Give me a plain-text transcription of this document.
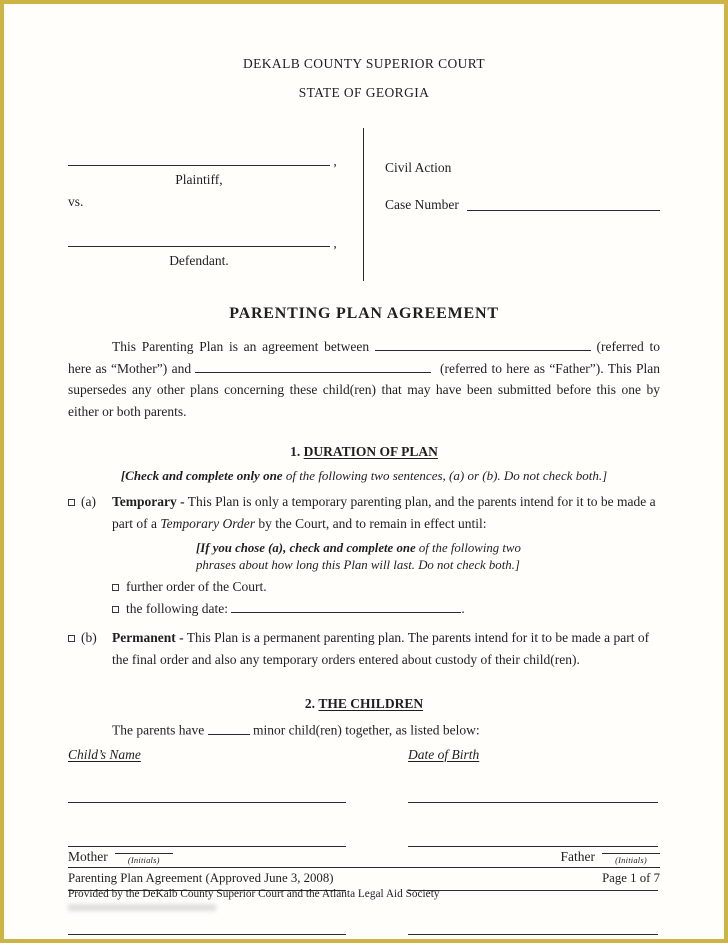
DEKALB COUNTY SUPERIOR COURT
STATE OF GEORGIA
,
Plaintiff,
vs.
,
Defendant.
Civil Action
Case Number
PARENTING PLAN AGREEMENT

This Parenting Plan is an agreement between	(referred to here as “Mother”) and	(referred to here as “Father”). This Plan supersedes any other plans concerning these child(ren) that may have been submitted before this one by either or both parents.

1. DURATION OF PLAN
[Check and complete only one of the following two sentences, (a) or (b). Do not check both.]
(a) Temporary - This Plan is only a temporary parenting plan, and the parents intend for it to be made a part of a Temporary Order by the Court, and to remain in effect until:
[If you chose (a), check and complete one of the following two phrases about how long this Plan will last. Do not check both.]
further order of the Court.
the following date:	.
(b) Permanent - This Plan is a permanent parenting plan. The parents intend for it to be made a part of the final order and also any temporary orders entered about custody of their child(ren).
2. THE CHILDREN
The parents have	minor child(ren) together, as listed below:
Child’s Name	Date of Birth
Mother	(Initials)	Father	(Initials)
Parenting Plan Agreement (Approved June 3, 2008)	Page 1 of 7
Provided by the DeKalb County Superior Court and the Atlanta Legal Aid Society
